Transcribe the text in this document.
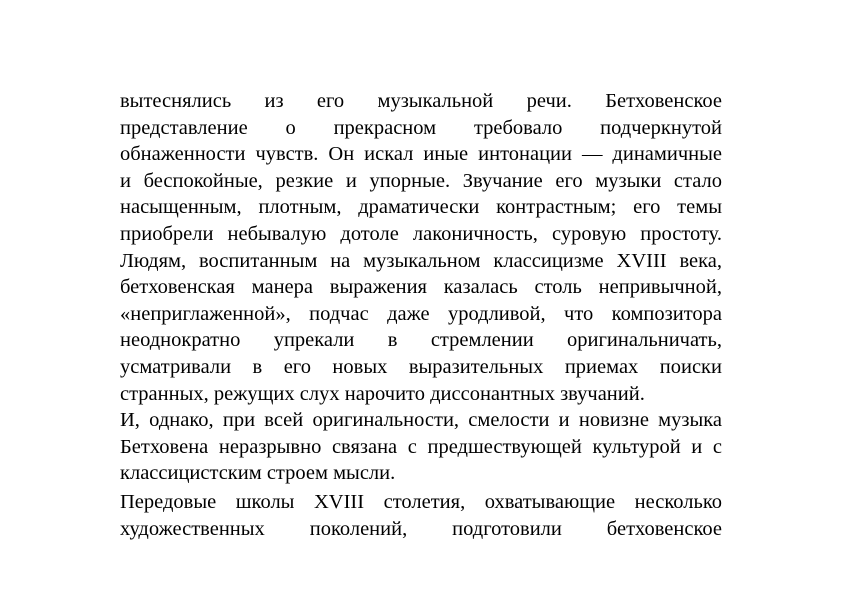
вытеснялись из его музыкальной речи. Бетховенское
представление о прекрасном требовало подчеркнутой
обнаженности чувств. Он искал иные интонации — динамичные
и беспокойные, резкие и упорные. Звучание его музыки стало
насыщенным, плотным, драматически контрастным; его темы
приобрели небывалую дотоле лаконичность, суровую простоту.
Людям, воспитанным на музыкальном классицизме XVIII века,
бетховенская манера выражения казалась столь непривычной,
«неприглаженной», подчас даже уродливой, что композитора
неоднократно упрекали в стремлении оригинальничать,
усматривали в его новых выразительных приемах поиски
странных, режущих слух нарочито диссонантных звучаний.
И, однако, при всей оригинальности, смелости и новизне музыка
Бетховена неразрывно связана с предшествующей культурой и с
классицистским строем мысли.
Передовые школы XVIII столетия, охватывающие несколько
художественных поколений, подготовили бетховенское
